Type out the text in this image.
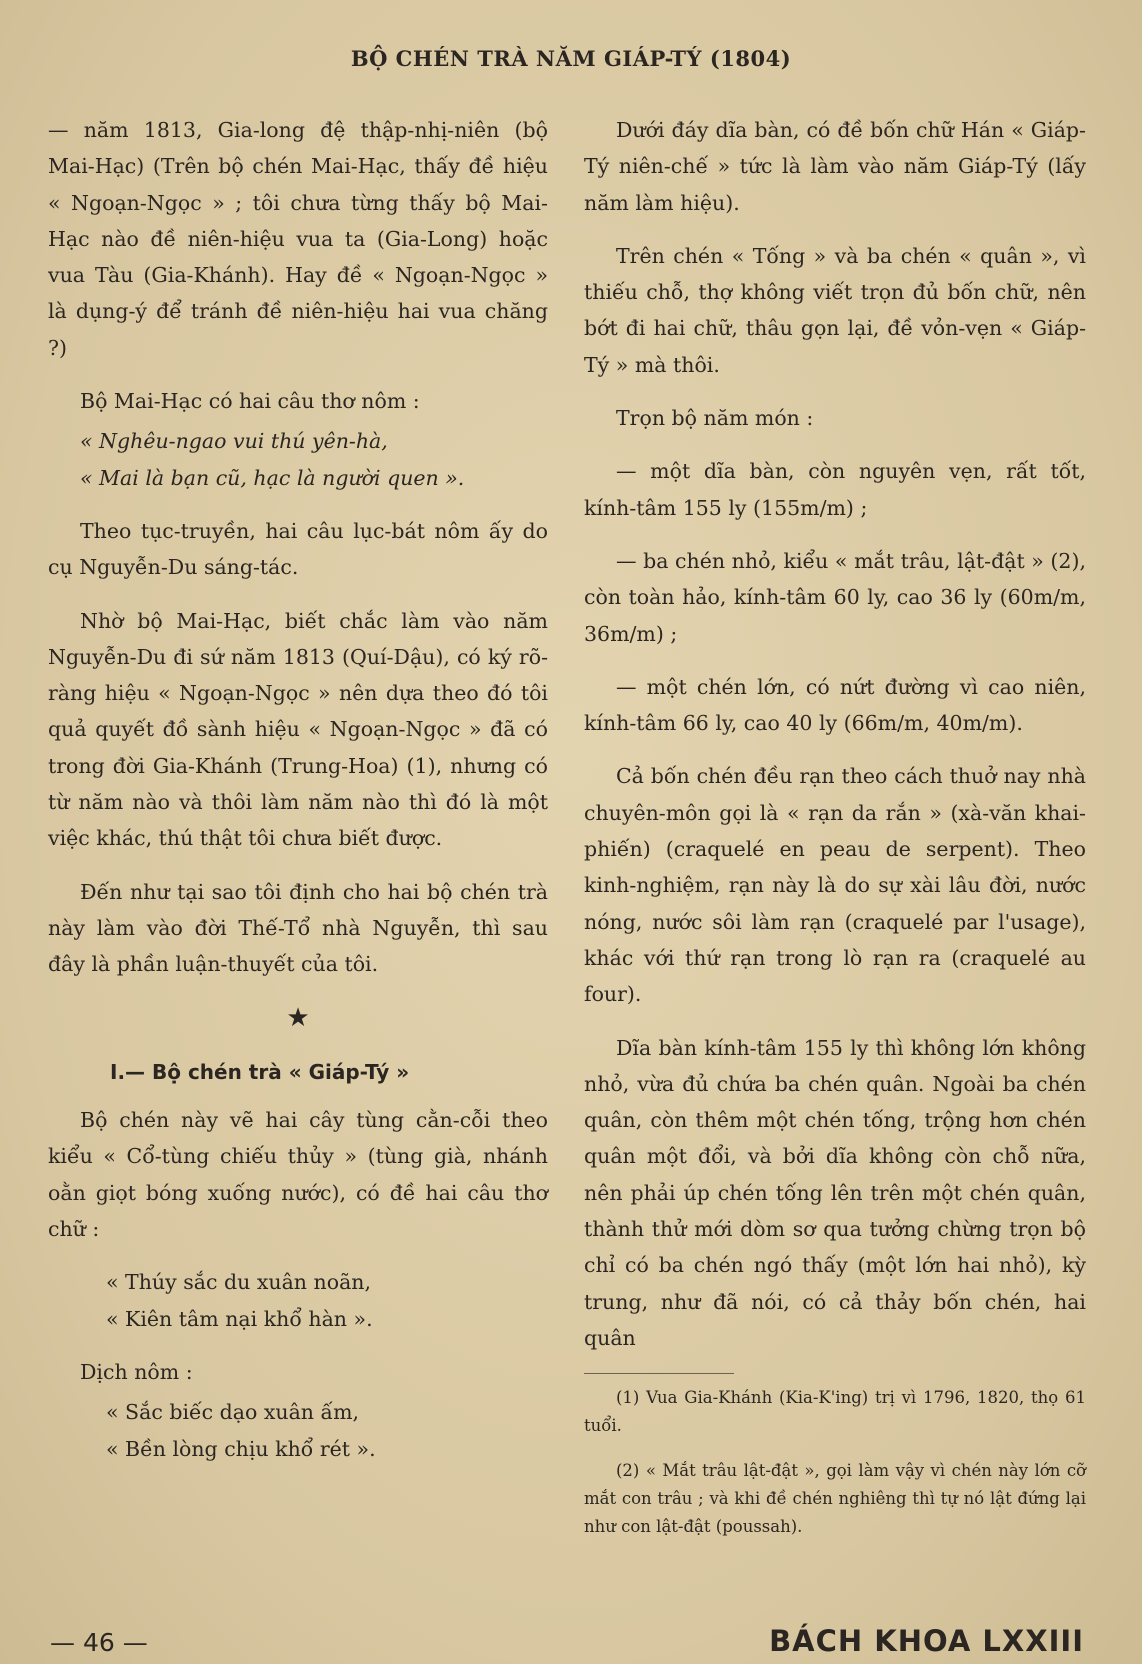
BỘ CHÉN TRÀ NĂM GIÁP-TÝ (1804)

— năm 1813, Gia-long đệ thập-nhị-niên (bộ Mai-Hạc) (Trên bộ chén Mai-Hạc, thấy đề hiệu « Ngoạn-Ngọc » ; tôi chưa từng thấy bộ Mai-Hạc nào đề niên-hiệu vua ta (Gia-Long) hoặc vua Tàu (Gia-Khánh). Hay đề « Ngoạn-Ngọc » là dụng-ý để tránh đề niên-hiệu hai vua chăng ?)

Bộ Mai-Hạc có hai câu thơ nôm :

« Nghêu-ngao vui thú yên-hà,

« Mai là bạn cũ, hạc là người quen ».

Theo tục-truyền, hai câu lục-bát nôm ấy do cụ Nguyễn-Du sáng-tác.

Nhờ bộ Mai-Hạc, biết chắc làm vào năm Nguyễn-Du đi sứ năm 1813 (Quí-Dậu), có ký rõ-ràng hiệu « Ngoạn-Ngọc » nên dựa theo đó tôi quả quyết đồ sành hiệu « Ngoạn-Ngọc » đã có trong đời Gia-Khánh (Trung-Hoa) (1), nhưng có từ năm nào và thôi làm năm nào thì đó là một việc khác, thú thật tôi chưa biết được.

Đến như tại sao tôi định cho hai bộ chén trà này làm vào đời Thế-Tổ nhà Nguyễn, thì sau đây là phần luận-thuyết của tôi.

★
I.— Bộ chén trà « Giáp-Tý »

Bộ chén này vẽ hai cây tùng cằn-cỗi theo kiểu « Cổ-tùng chiếu thủy » (tùng già, nhánh oằn giọt bóng xuống nước), có đề hai câu thơ chữ :

« Thúy sắc du xuân noãn,

« Kiên tâm nại khổ hàn ».

Dịch nôm :

« Sắc biếc dạo xuân ấm,

« Bền lòng chịu khổ rét ».

Dưới đáy dĩa bàn, có đề bốn chữ Hán « Giáp-Tý niên-chế » tức là làm vào năm Giáp-Tý (lấy năm làm hiệu).

Trên chén « Tống » và ba chén « quân », vì thiếu chỗ, thợ không viết trọn đủ bốn chữ, nên bớt đi hai chữ, thâu gọn lại, đề vỏn-vẹn « Giáp-Tý » mà thôi.

Trọn bộ năm món :

— một dĩa bàn, còn nguyên vẹn, rất tốt, kính-tâm 155 ly (155m/m) ;

— ba chén nhỏ, kiểu « mắt trâu, lật-đật » (2), còn toàn hảo, kính-tâm 60 ly, cao 36 ly (60m/m, 36m/m) ;

— một chén lớn, có nứt đường vì cao niên, kính-tâm 66 ly, cao 40 ly (66m/m, 40m/m).

Cả bốn chén đều rạn theo cách thuở nay nhà chuyên-môn gọi là « rạn da rắn » (xà-văn khai-phiến) (craquelé en peau de serpent). Theo kinh-nghiệm, rạn này là do sự xài lâu đời, nước nóng, nước sôi làm rạn (craquelé par l'usage), khác với thứ rạn trong lò rạn ra (craquelé au four).

Dĩa bàn kính-tâm 155 ly thì không lớn không nhỏ, vừa đủ chứa ba chén quân. Ngoài ba chén quân, còn thêm một chén tống, trộng hơn chén quân một đổi, và bởi dĩa không còn chỗ nữa, nên phải úp chén tống lên trên một chén quân, thành thử mới dòm sơ qua tưởng chừng trọn bộ chỉ có ba chén ngó thấy (một lớn hai nhỏ), kỳ trung, như đã nói, có cả thảy bốn chén, hai quân

(1) Vua Gia-Khánh (Kia-K'ing) trị vì 1796, 1820, thọ 61 tuổi.

(2) « Mắt trâu lật-đật », gọi làm vậy vì chén này lớn cỡ mắt con trâu ; và khi đề chén nghiêng thì tự nó lật đứng lại như con lật-đật (poussah).

— 46 —	BÁCH KHOA LXXIII
